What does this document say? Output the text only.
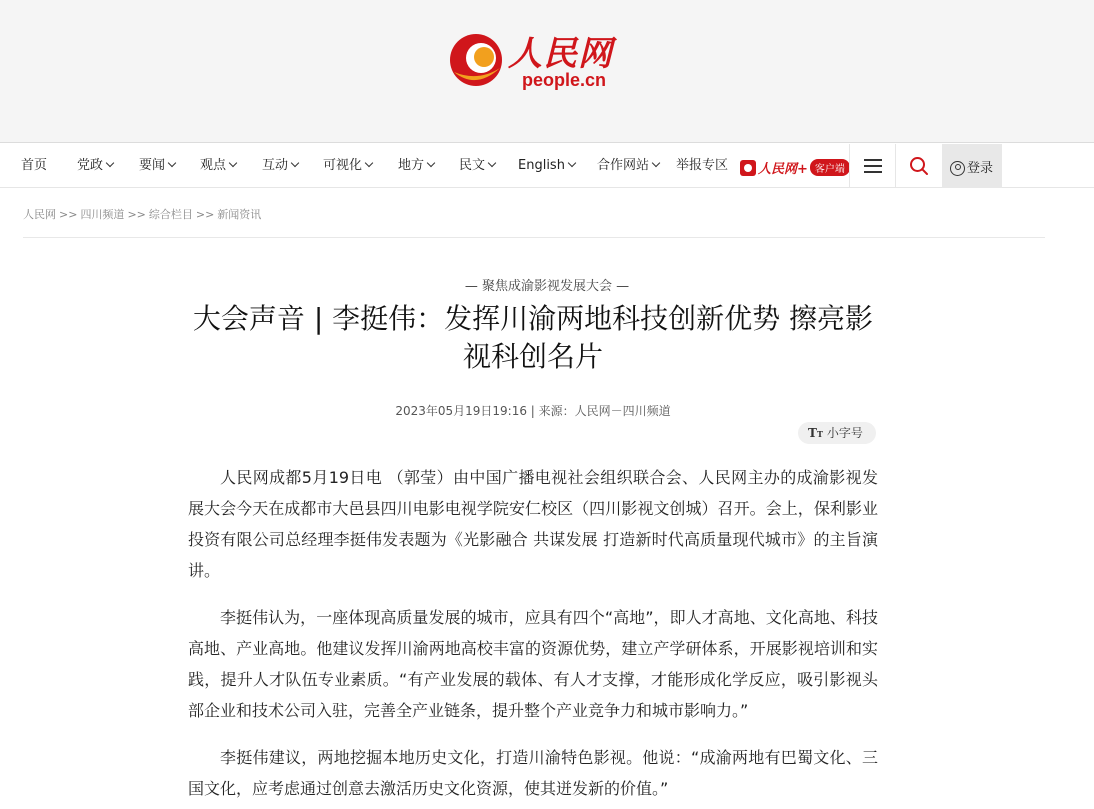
人民网
people.cn
首页 党政	要闻	观点	互动	可视化	地方	民文	English	合作网站	举报专区	人民网+ 客户端	登录
人民网 >> 四川频道 >> 综合栏目 >> 新闻资讯
— 聚焦成渝影视发展大会 —
大会声音 | 李挺伟：发挥川渝两地科技创新优势 擦亮影视科创名片
2023年05月19日19:16 | 来源：人民网－四川频道
TT 小字号

人民网成都5月19日电 （郭莹）由中国广播电视社会组织联合会、人民网主办的成渝影视发展大会今天在成都市大邑县四川电影电视学院安仁校区（四川影视文创城）召开。会上，保利影业投资有限公司总经理李挺伟发表题为《光影融合 共谋发展 打造新时代高质量现代城市》的主旨演讲。

李挺伟认为，一座体现高质量发展的城市，应具有四个“高地”，即人才高地、文化高地、科技高地、产业高地。他建议发挥川渝两地高校丰富的资源优势，建立产学研体系，开展影视培训和实践，提升人才队伍专业素质。“有产业发展的载体、有人才支撑，才能形成化学反应，吸引影视头部企业和技术公司入驻，完善全产业链条，提升整个产业竞争力和城市影响力。”

李挺伟建议，两地挖掘本地历史文化，打造川渝特色影视。他说：“成渝两地有巴蜀文化、三国文化，应考虑通过创意去激活历史文化资源，使其迸发新的价值。”
